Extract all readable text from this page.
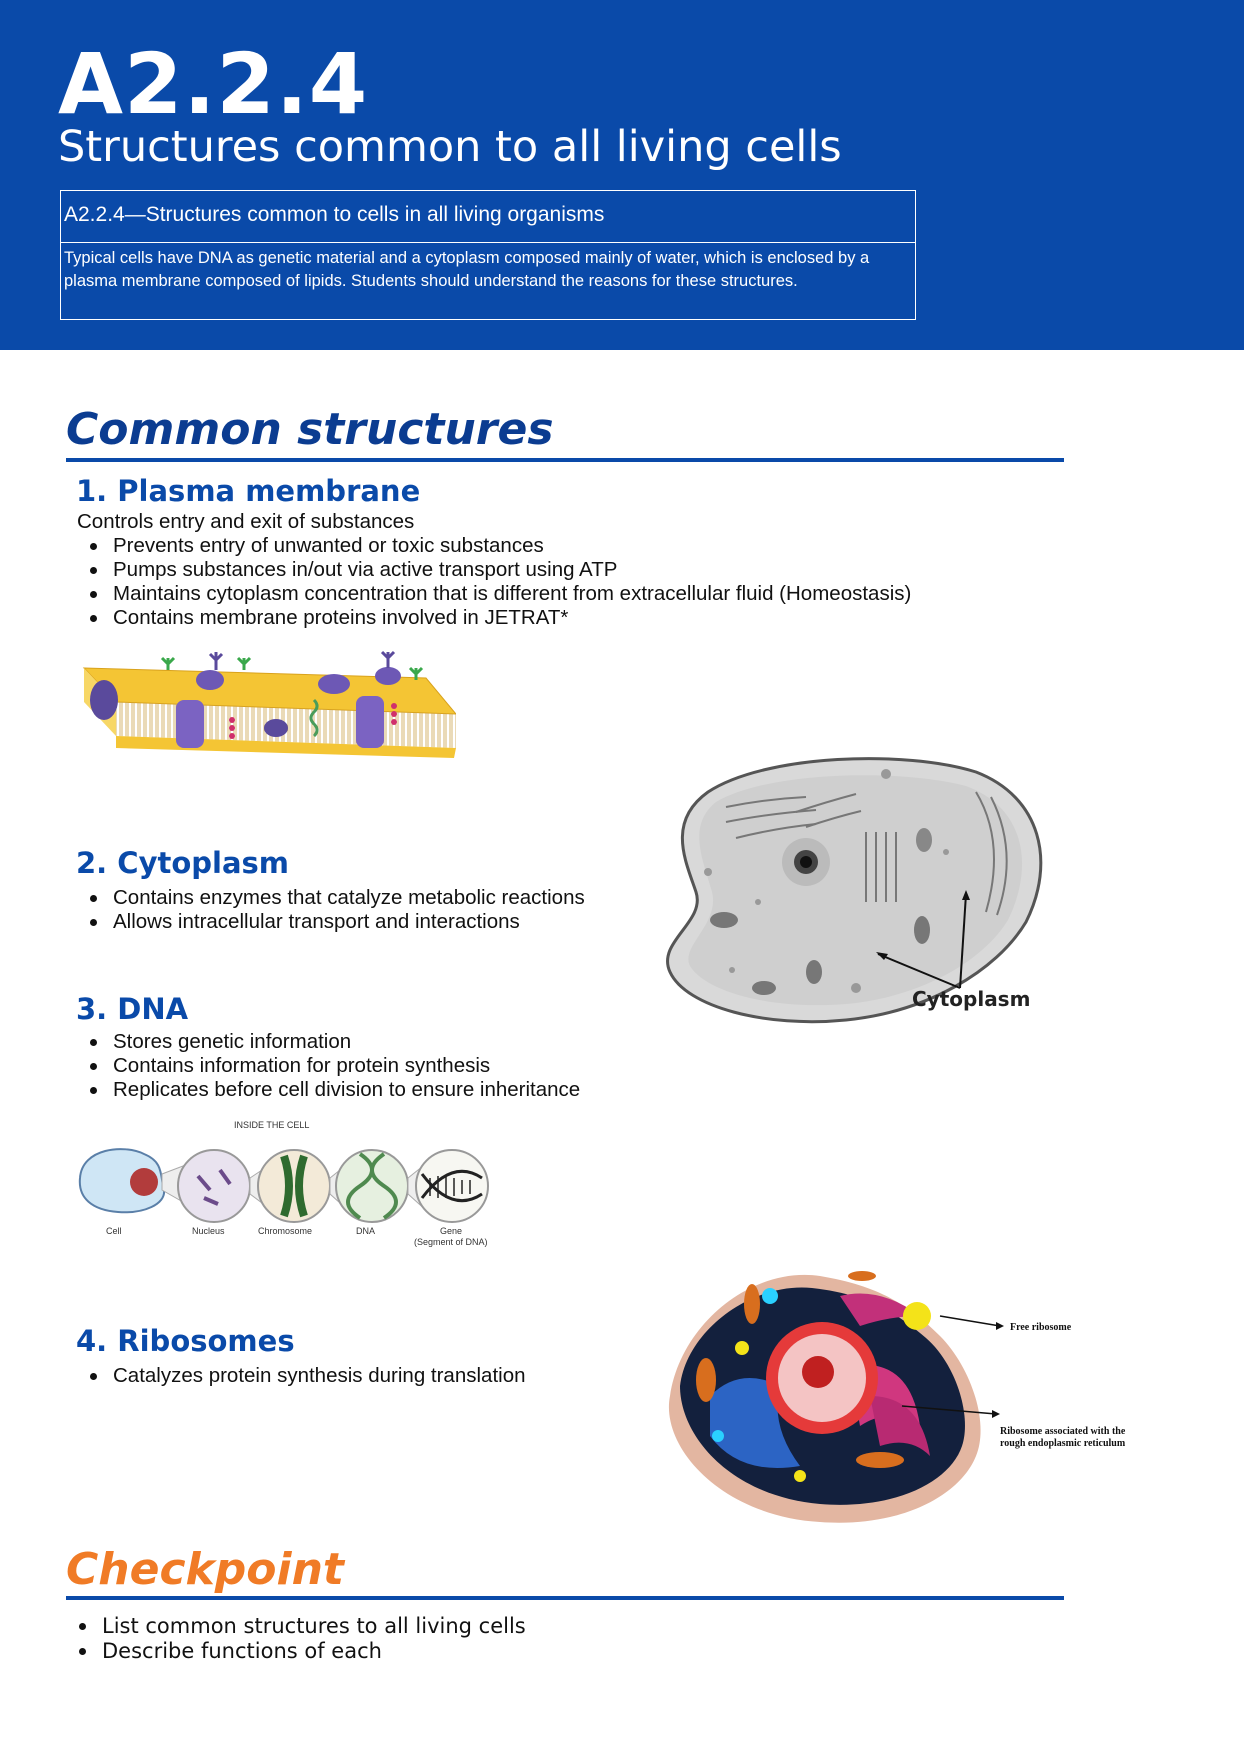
A2.2.4
Structures common to all living cells
A2.2.4—Structures common to cells in all living organisms
Typical cells have DNA as genetic material and a cytoplasm composed mainly of water, which is enclosed by a plasma membrane composed of lipids. Students should understand the reasons for these structures.
Common structures
1. Plasma membrane
Controls entry and exit of substances
Prevents entry of unwanted or toxic substances
Pumps substances in/out via active transport using ATP
Maintains cytoplasm concentration that is different from extracellular fluid (Homeostasis)
Contains membrane proteins involved in JETRAT*
Cytoplasm
2. Cytoplasm
Contains enzymes that catalyze metabolic reactions
Allows intracellular transport and interactions
3. DNA
Stores genetic information
Contains information for protein synthesis
Replicates before cell division to ensure inheritance
INSIDE THE CELL
Cell	Nucleus	Chromosome	DNA	Gene
(Segment of DNA)
Free ribosome
Ribosome associated with the
rough endoplasmic reticulum
4. Ribosomes
Catalyzes protein synthesis during translation
Checkpoint
List common structures to all living cells
Describe functions of each
